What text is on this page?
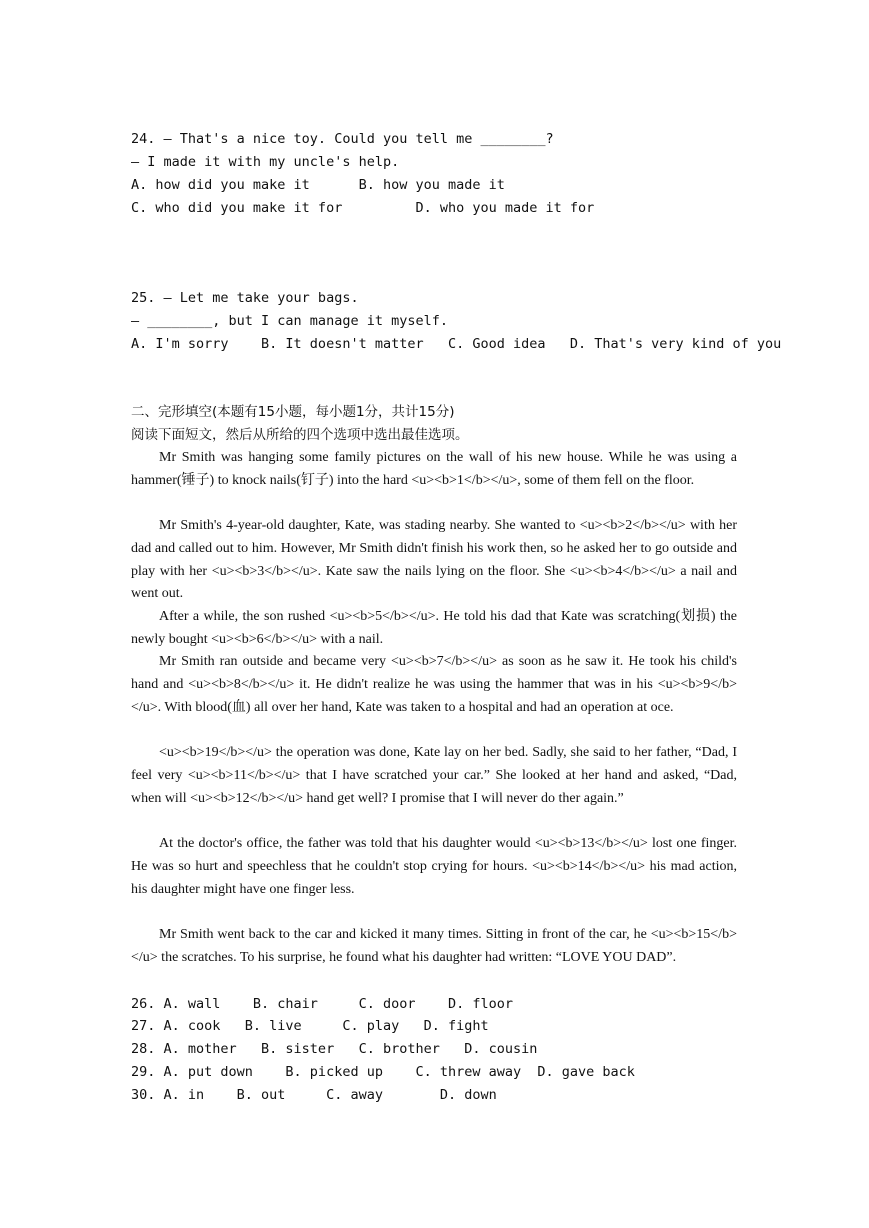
24. — That's a nice toy. Could you tell me ________?
— I made it with my uncle's help.
A. how did you make it      B. how you made it
C. who did you make it for         D. who you made it for
25. — Let me take your bags.
— ________, but I can manage it myself.
A. I'm sorry    B. It doesn't matter   C. Good idea   D. That's very kind of you
二、完形填空(本题有15小题，每小题1分，共计15分)
阅读下面短文，然后从所给的四个选项中选出最佳选项。
Mr Smith was hanging some family pictures on the wall of his new house. While he was using a hammer(锤子) to knock nails(钉子) into the hard <u><b>1</b></u>, some of them fell on the floor.
Mr Smith's 4-year-old daughter, Kate, was stading nearby. She wanted to <u><b>2</b></u> with her dad and called out to him. However, Mr Smith didn't finish his work then, so he asked her to go outside and play with her <u><b>3</b></u>. Kate saw the nails lying on the floor. She <u><b>4</b></u> a nail and went out.
After a while, the son rushed <u><b>5</b></u>. He told his dad that Kate was scratching(划损) the newly bought <u><b>6</b></u> with a nail.
Mr Smith ran outside and became very <u><b>7</b></u> as soon as he saw it. He took his child's hand and <u><b>8</b></u> it. He didn't realize he was using the hammer that was in his <u><b>9</b></u>. With blood(血) all over her hand, Kate was taken to a hospital and had an operation at oce.
<u><b>19</b></u> the operation was done, Kate lay on her bed. Sadly, she said to her father, “Dad, I feel very <u><b>11</b></u> that I have scratched your car.” She looked at her hand and asked, “Dad, when will <u><b>12</b></u> hand get well? I promise that I will never do ther again.”
At the doctor's office, the father was told that his daughter would <u><b>13</b></u> lost one finger. He was so hurt and speechless that he couldn't stop crying for hours. <u><b>14</b></u> his mad action, his daughter might have one finger less.
Mr Smith went back to the car and kicked it many times. Sitting in front of the car, he <u><b>15</b></u> the scratches. To his surprise, he found what his daughter had written: “LOVE YOU DAD”.
26. A. wall    B. chair     C. door    D. floor
27. A. cook   B. live     C. play   D. fight
28. A. mother   B. sister   C. brother   D. cousin
29. A. put down    B. picked up    C. threw away  D. gave back
30. A. in    B. out     C. away       D. down
